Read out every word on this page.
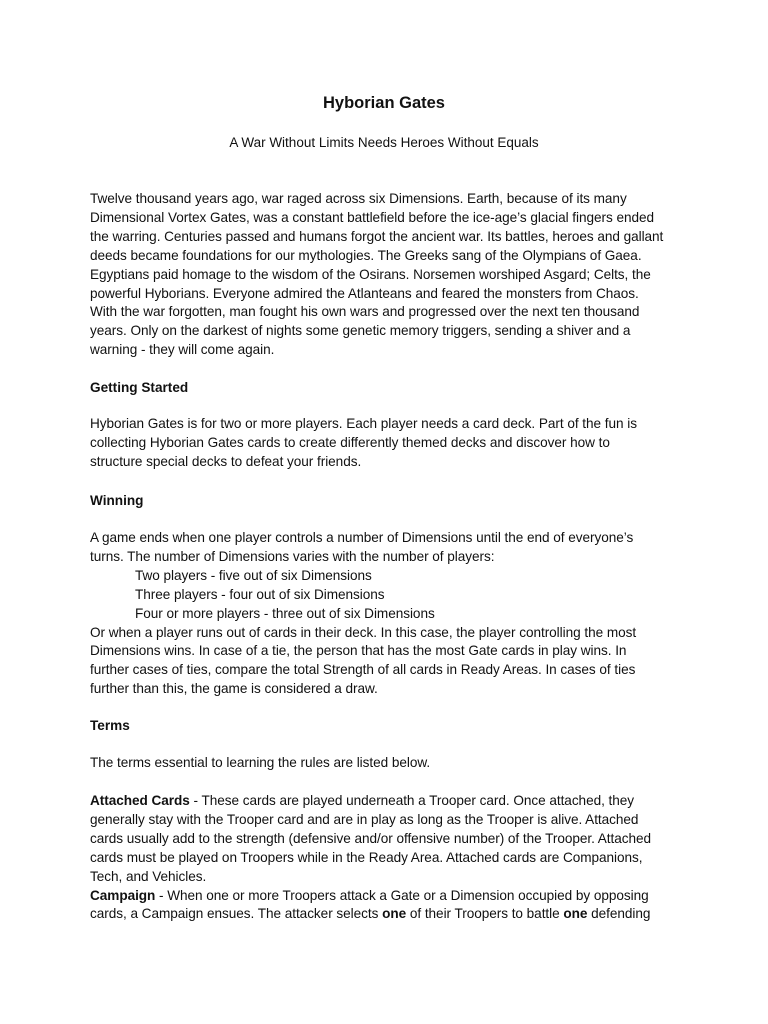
Hyborian Gates
A War Without Limits Needs Heroes Without Equals
Twelve thousand years ago, war raged across six Dimensions. Earth, because of its many
Dimensional Vortex Gates, was a constant battlefield before the ice-age’s glacial fingers ended
the warring. Centuries passed and humans forgot the ancient war. Its battles, heroes and gallant
deeds became foundations for our mythologies. The Greeks sang of the Olympians of Gaea.
Egyptians paid homage to the wisdom of the Osirans. Norsemen worshiped Asgard; Celts, the
powerful Hyborians. Everyone admired the Atlanteans and feared the monsters from Chaos.
With the war forgotten, man fought his own wars and progressed over the next ten thousand
years. Only on the darkest of nights some genetic memory triggers, sending a shiver and a
warning - they will come again.
Getting Started
Hyborian Gates is for two or more players. Each player needs a card deck. Part of the fun is
collecting Hyborian Gates cards to create differently themed decks and discover how to
structure special decks to defeat your friends.
Winning
A game ends when one player controls a number of Dimensions until the end of everyone’s
turns. The number of Dimensions varies with the number of players:
Two players - five out of six Dimensions
Three players - four out of six Dimensions
Four or more players - three out of six Dimensions
Or when a player runs out of cards in their deck. In this case, the player controlling the most
Dimensions wins. In case of a tie, the person that has the most Gate cards in play wins. In
further cases of ties, compare the total Strength of all cards in Ready Areas. In cases of ties
further than this, the game is considered a draw.
Terms
The terms essential to learning the rules are listed below.
Attached Cards - These cards are played underneath a Trooper card. Once attached, they
generally stay with the Trooper card and are in play as long as the Trooper is alive. Attached
cards usually add to the strength (defensive and/or offensive number) of the Trooper. Attached
cards must be played on Troopers while in the Ready Area. Attached cards are Companions,
Tech, and Vehicles.
Campaign - When one or more Troopers attack a Gate or a Dimension occupied by opposing
cards, a Campaign ensues. The attacker selects one of their Troopers to battle one defending
